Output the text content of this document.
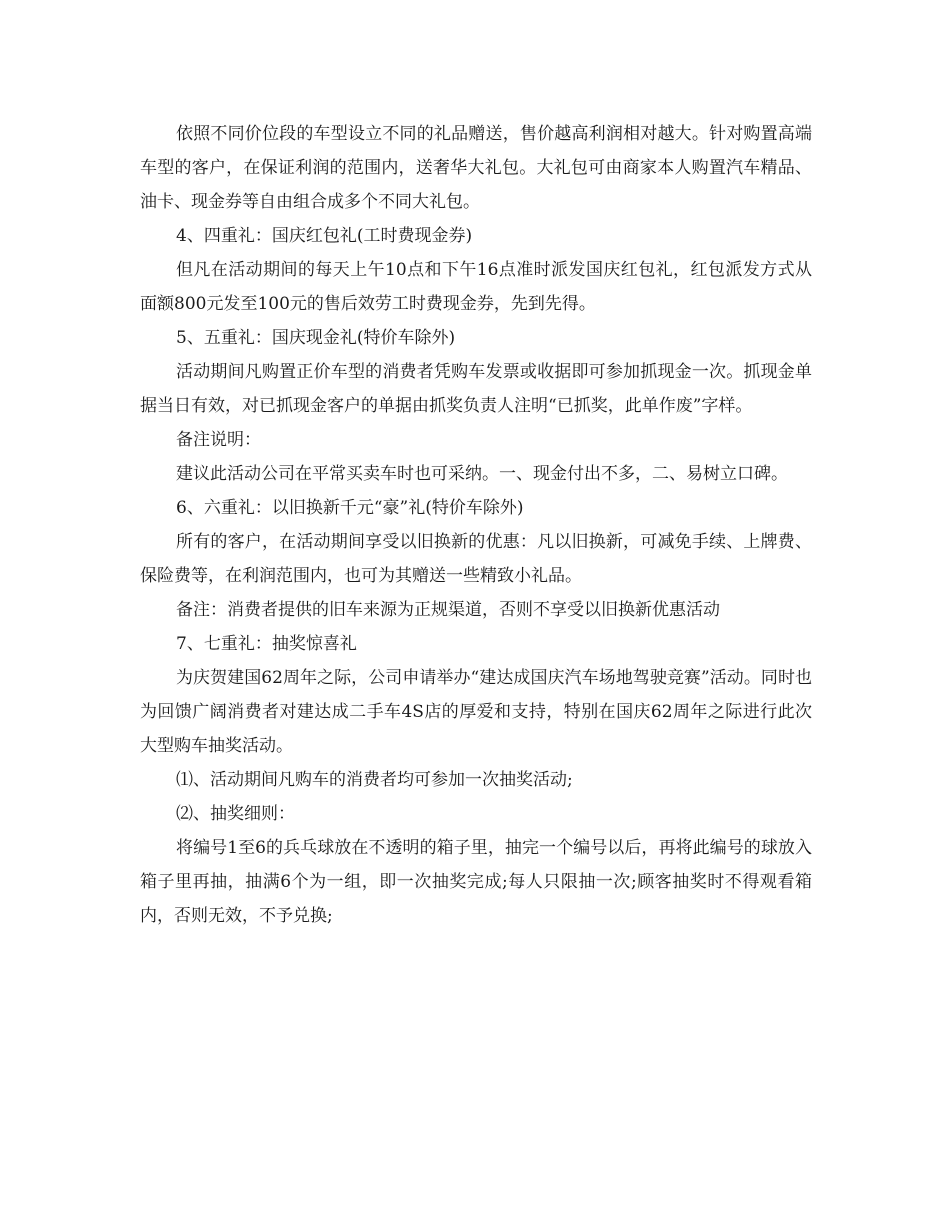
依照不同价位段的车型设立不同的礼品赠送，售价越高利润相对越大。针对购置高端车型的客户，在保证利润的范围内，送奢华大礼包。大礼包可由商家本人购置汽车精品、油卡、现金券等自由组合成多个不同大礼包。

4、四重礼：国庆红包礼(工时费现金券)

但凡在活动期间的每天上午10点和下午16点准时派发国庆红包礼，红包派发方式从面额800元发至100元的售后效劳工时费现金券，先到先得。

5、五重礼：国庆现金礼(特价车除外)

活动期间凡购置正价车型的消费者凭购车发票或收据即可参加抓现金一次。抓现金单据当日有效，对已抓现金客户的单据由抓奖负责人注明“已抓奖，此单作废”字样。

备注说明：

建议此活动公司在平常买卖车时也可采纳。一、现金付出不多，二、易树立口碑。

6、六重礼：以旧换新千元“豪”礼(特价车除外)

所有的客户，在活动期间享受以旧换新的优惠：凡以旧换新，可减免手续、上牌费、保险费等，在利润范围内，也可为其赠送一些精致小礼品。

备注：消费者提供的旧车来源为正规渠道，否则不享受以旧换新优惠活动

7、七重礼：抽奖惊喜礼

为庆贺建国62周年之际，公司申请举办“建达成国庆汽车场地驾驶竞赛”活动。同时也为回馈广阔消费者对建达成二手车4S店的厚爱和支持，特别在国庆62周年之际进行此次大型购车抽奖活动。

⑴、活动期间凡购车的消费者均可参加一次抽奖活动;

⑵、抽奖细则：

将编号1至6的兵乓球放在不透明的箱子里，抽完一个编号以后，再将此编号的球放入箱子里再抽，抽满6个为一组，即一次抽奖完成;每人只限抽一次;顾客抽奖时不得观看箱内，否则无效，不予兑换;
